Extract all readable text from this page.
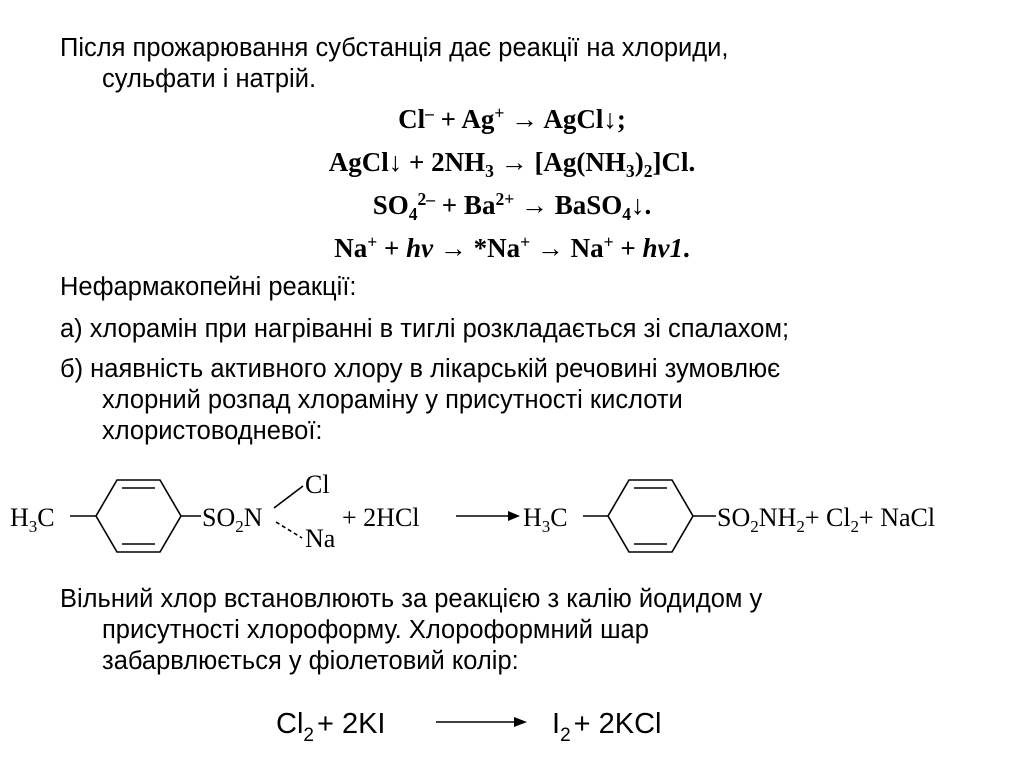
Після прожарювання субстанція дає реакції на хлориди,
сульфати і натрій.

Cl– + Ag+ → AgCl↓;

AgCl↓ + $2NH_3 \to [Ag(NH_3)_2]Cl$.

$SO_4^{2-} + Ba^{2+}$ → BaSO$_4$↓.

Na+ + hv → *Na+ → Na+ + hv1.

Нефармакопейні реакції:

а) хлорамін при нагріванні в тиглі розкладається зі спалахом;

б) наявність активного хлору в лікарській речовині зумовлює
хлорний розпад хлораміну у присутності кислоти
хлористоводневої:

$H_3C$	$SO_2N$
Cl
Na
+ 2HCl	$H_3C$	$SO_2NH_2+ Cl_2+$ NaCl

Вільний хлор встановлюють за реакцією з калію йодидом у
присутності хлороформу. Хлороформний шар
забарвлюється у фіолетовий колір:

$Cl_2 + 2KI$	$I_2 + 2KCl$
